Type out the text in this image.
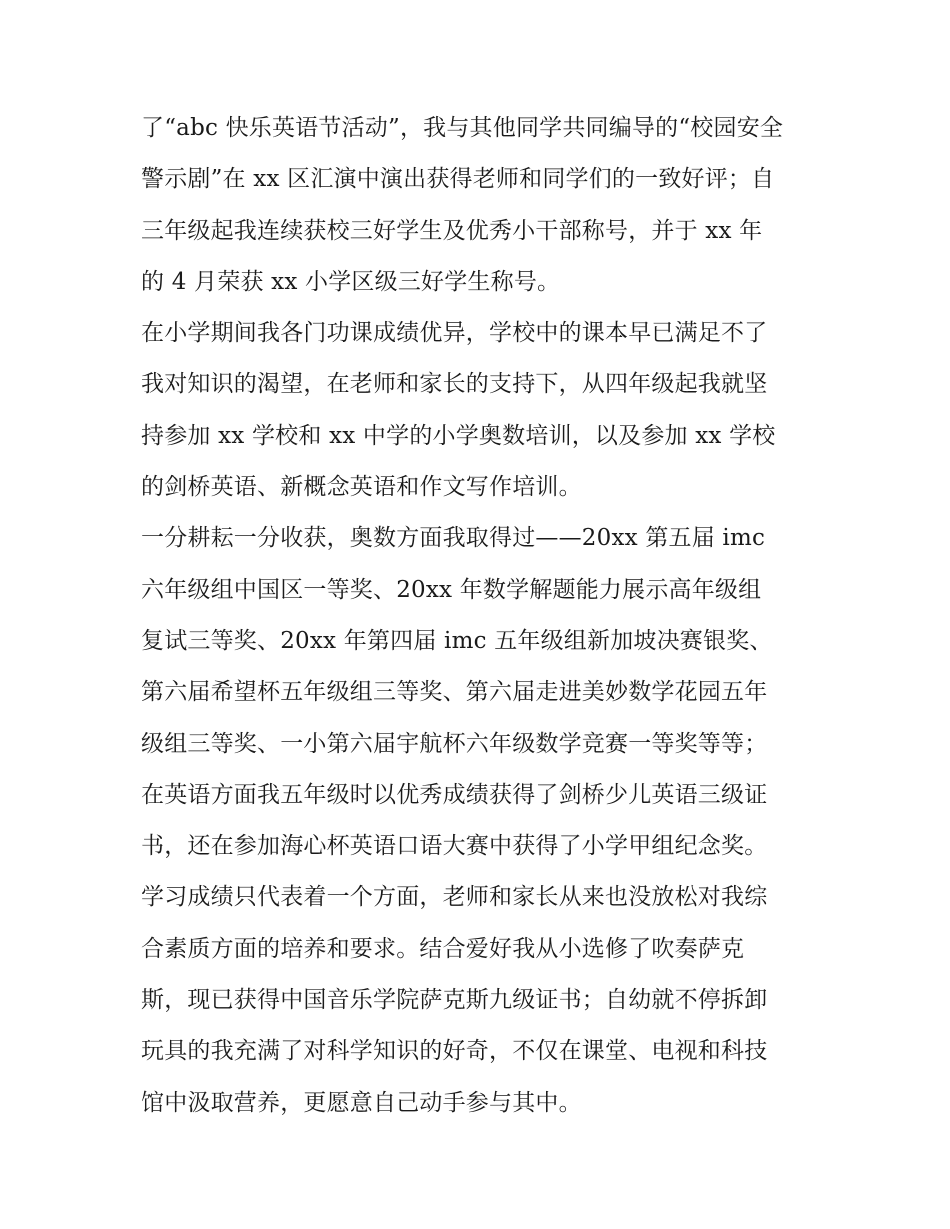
了“abc 快乐英语节活动”，我与其他同学共同编导的“校园安全
警示剧”在 xx 区汇演中演出获得老师和同学们的一致好评；自
三年级起我连续获校三好学生及优秀小干部称号，并于 xx 年
的 4 月荣获 xx 小学区级三好学生称号。
在小学期间我各门功课成绩优异，学校中的课本早已满足不了
我对知识的渴望，在老师和家长的支持下，从四年级起我就坚
持参加 xx 学校和 xx 中学的小学奥数培训，以及参加 xx 学校
的剑桥英语、新概念英语和作文写作培训。
一分耕耘一分收获，奥数方面我取得过——20xx 第五届 imc
六年级组中国区一等奖、20xx 年数学解题能力展示高年级组
复试三等奖、20xx 年第四届 imc 五年级组新加坡决赛银奖、
第六届希望杯五年级组三等奖、第六届走进美妙数学花园五年
级组三等奖、一小第六届宇航杯六年级数学竞赛一等奖等等；
在英语方面我五年级时以优秀成绩获得了剑桥少儿英语三级证
书，还在参加海心杯英语口语大赛中获得了小学甲组纪念奖。
学习成绩只代表着一个方面，老师和家长从来也没放松对我综
合素质方面的培养和要求。结合爱好我从小选修了吹奏萨克
斯，现已获得中国音乐学院萨克斯九级证书；自幼就不停拆卸
玩具的我充满了对科学知识的好奇，不仅在课堂、电视和科技
馆中汲取营养，更愿意自己动手参与其中。
